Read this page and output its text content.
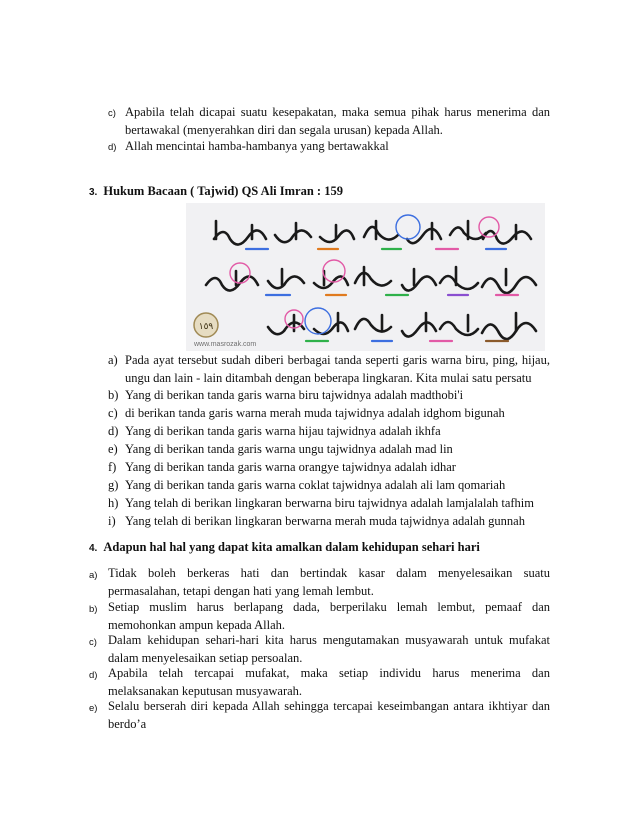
c) Apabila telah dicapai suatu kesepakatan, maka semua pihak harus menerima dan bertawakal (menyerahkan diri dan segala urusan) kepada Allah.
d) Allah mencintai hamba-hambanya yang bertawakkal
3. Hukum Bacaan ( Tajwid) QS Ali Imran : 159
١٥٩
www.masrozak.com
a) Pada ayat tersebut sudah diberi berbagai tanda seperti garis warna biru, ping, hijau, ungu dan lain - lain ditambah dengan beberapa lingkaran. Kita mulai satu persatu
b) Yang di berikan tanda garis warna biru tajwidnya adalah madthobi'i
c) di berikan tanda garis warna merah muda tajwidnya adalah idghom bigunah
d) Yang di berikan tanda garis warna hijau tajwidnya adalah ikhfa
e) Yang di berikan tanda garis warna ungu tajwidnya adalah mad lin
f) Yang di berikan tanda garis warna orangye tajwidnya adalah idhar
g) Yang di berikan tanda garis warna coklat tajwidnya adalah ali lam qomariah
h) Yang telah di berikan lingkaran berwarna biru tajwidnya adalah lamjalalah tafhim
i) Yang telah di berikan lingkaran berwarna merah muda tajwidnya adalah gunnah
4. Adapun hal hal yang dapat kita amalkan dalam kehidupan sehari hari
a) Tidak boleh berkeras hati dan bertindak kasar dalam menyelesaikan suatu permasalahan, tetapi dengan hati yang lemah lembut.
b) Setiap muslim harus berlapang dada, berperilaku lemah lembut, pemaaf dan memohonkan ampun kepada Allah.
c) Dalam kehidupan sehari-hari kita harus mengutamakan musyawarah untuk mufakat dalam menyelesaikan setiap persoalan.
d) Apabila telah tercapai mufakat, maka setiap individu harus menerima dan melaksanakan keputusan musyawarah.
e) Selalu berserah diri kepada Allah sehingga tercapai keseimbangan antara ikhtiyar dan berdo’a
